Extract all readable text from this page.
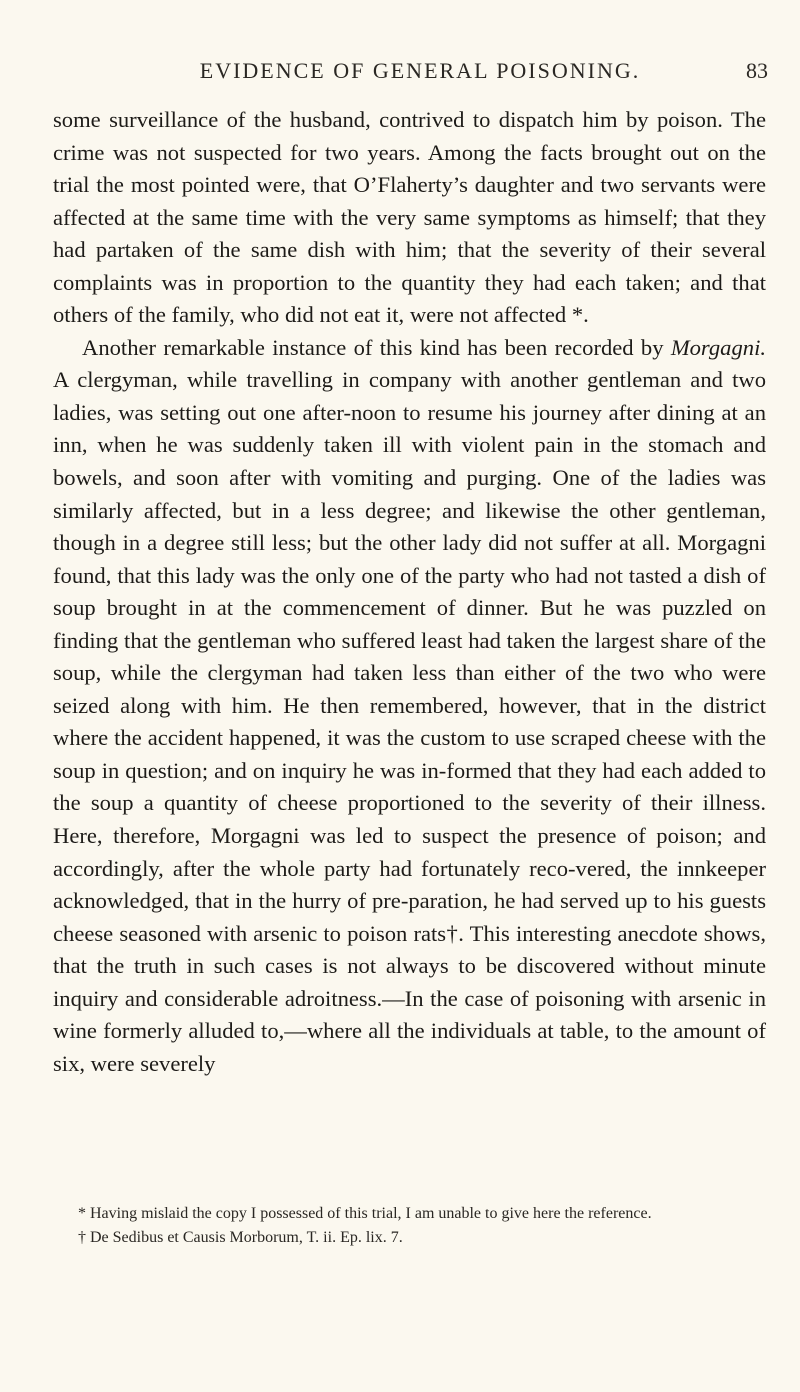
EVIDENCE OF GENERAL POISONING.	83

some surveillance of the husband, contrived to dispatch him by poison. The crime was not suspected for two years. Among the facts brought out on the trial the most pointed were, that O’Flaherty’s daughter and two servants were affected at the same time with the very same symptoms as himself; that they had partaken of the same dish with him; that the severity of their several complaints was in proportion to the quantity they had each taken; and that others of the family, who did not eat it, were not affected *.

Another remarkable instance of this kind has been recorded by Morgagni. A clergyman, while travelling in company with another gentleman and two ladies, was setting out one after-noon to resume his journey after dining at an inn, when he was suddenly taken ill with violent pain in the stomach and bowels, and soon after with vomiting and purging. One of the ladies was similarly affected, but in a less degree; and likewise the other gentleman, though in a degree still less; but the other lady did not suffer at all. Morgagni found, that this lady was the only one of the party who had not tasted a dish of soup brought in at the commencement of dinner. But he was puzzled on finding that the gentleman who suffered least had taken the largest share of the soup, while the clergyman had taken less than either of the two who were seized along with him. He then remembered, however, that in the district where the accident happened, it was the custom to use scraped cheese with the soup in question; and on inquiry he was in-formed that they had each added to the soup a quantity of cheese proportioned to the severity of their illness. Here, therefore, Morgagni was led to suspect the presence of poison; and accordingly, after the whole party had fortunately reco-vered, the innkeeper acknowledged, that in the hurry of pre-paration, he had served up to his guests cheese seasoned with arsenic to poison rats†. This interesting anecdote shows, that the truth in such cases is not always to be discovered without minute inquiry and considerable adroitness.—In the case of poisoning with arsenic in wine formerly alluded to,—where all the individuals at table, to the amount of six, were severely

* Having mislaid the copy I possessed of this trial, I am unable to give here the reference.

† De Sedibus et Causis Morborum, T. ii. Ep. lix. 7.
